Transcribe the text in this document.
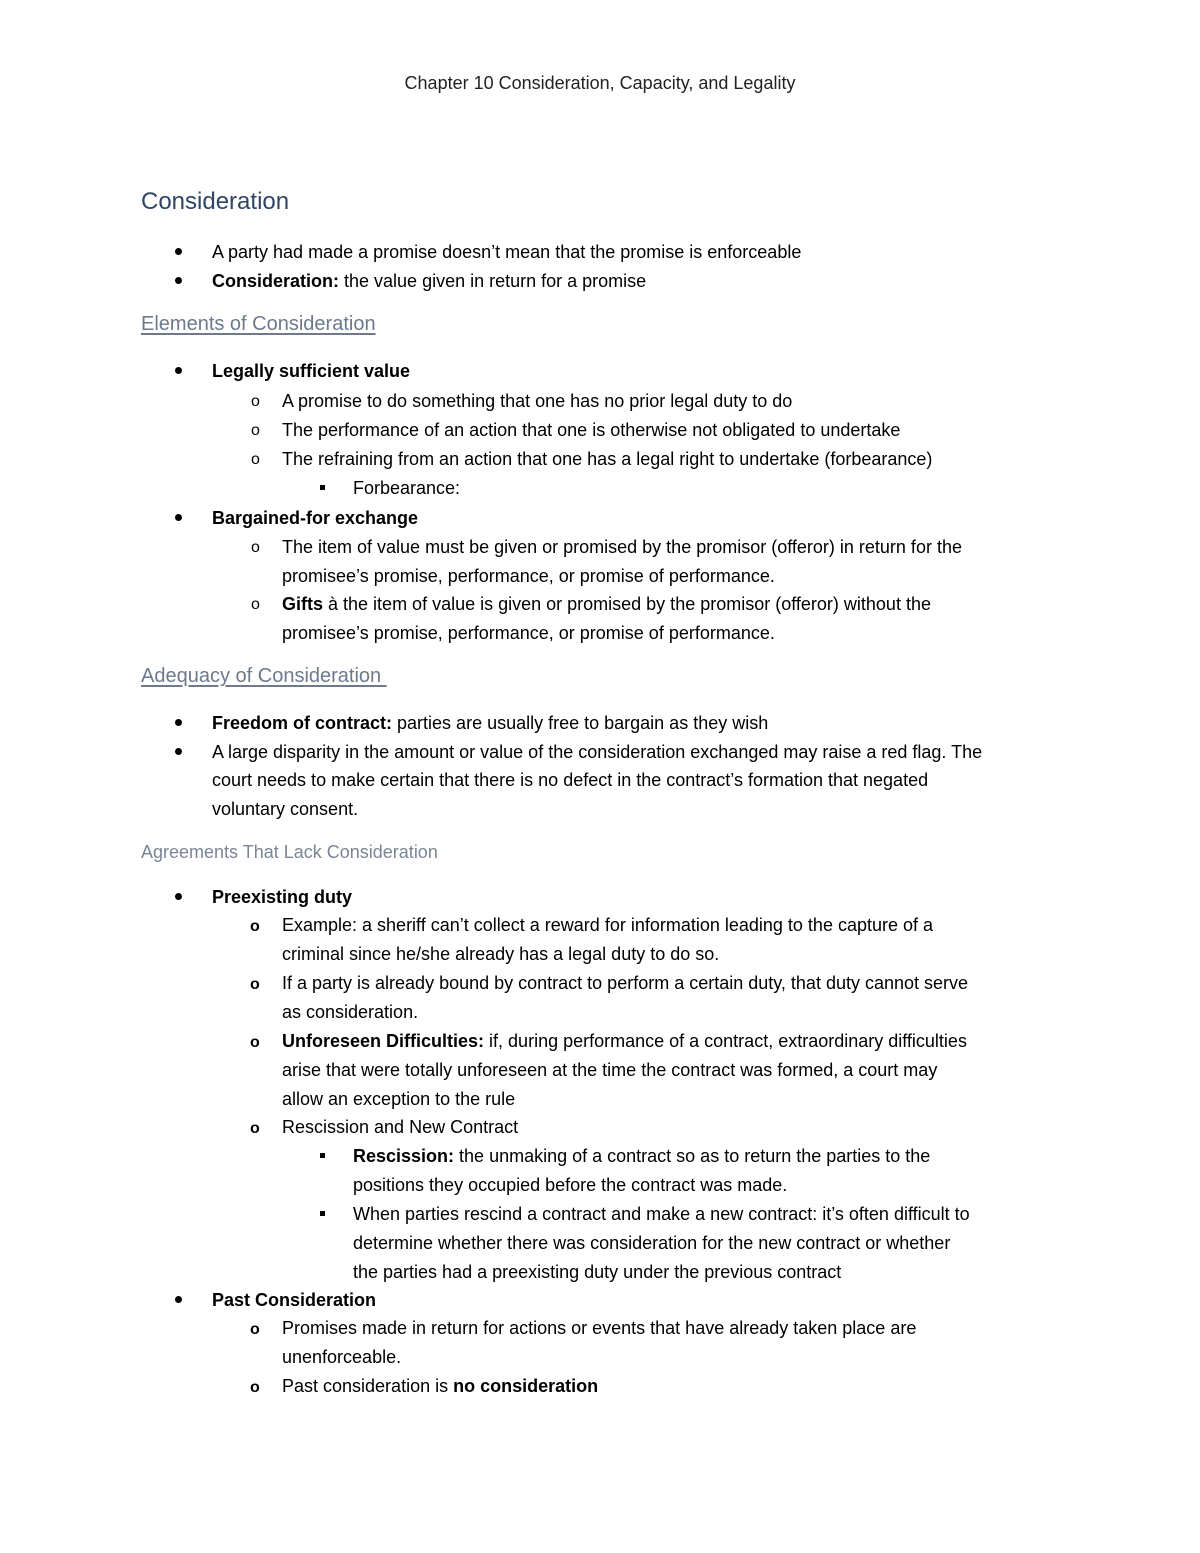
Chapter 10 Consideration, Capacity, and Legality
Consideration
A party had made a promise doesn’t mean that the promise is enforceable
Consideration: the value given in return for a promise
Elements of Consideration
Legally sufficient value
o A promise to do something that one has no prior legal duty to do
o The performance of an action that one is otherwise not obligated to undertake
o The refraining from an action that one has a legal right to undertake (forbearance)
Forbearance:
Bargained-for exchange
o The item of value must be given or promised by the promisor (offeror) in return for the
promisee’s promise, performance, or promise of performance.
o Gifts à the item of value is given or promised by the promisor (offeror) without the
promisee’s promise, performance, or promise of performance.
Adequacy of Consideration
Freedom of contract: parties are usually free to bargain as they wish
A large disparity in the amount or value of the consideration exchanged may raise a red flag. The
court needs to make certain that there is no defect in the contract’s formation that negated
voluntary consent.
Agreements That Lack Consideration
Preexisting duty
o Example: a sheriff can’t collect a reward for information leading to the capture of a
criminal since he/she already has a legal duty to do so.
o If a party is already bound by contract to perform a certain duty, that duty cannot serve
as consideration.
o Unforeseen Difficulties: if, during performance of a contract, extraordinary difficulties
arise that were totally unforeseen at the time the contract was formed, a court may
allow an exception to the rule
o Rescission and New Contract
Rescission: the unmaking of a contract so as to return the parties to the
positions they occupied before the contract was made.
When parties rescind a contract and make a new contract: it’s often difficult to
determine whether there was consideration for the new contract or whether
the parties had a preexisting duty under the previous contract
Past Consideration
o Promises made in return for actions or events that have already taken place are
unenforceable.
o Past consideration is no consideration
